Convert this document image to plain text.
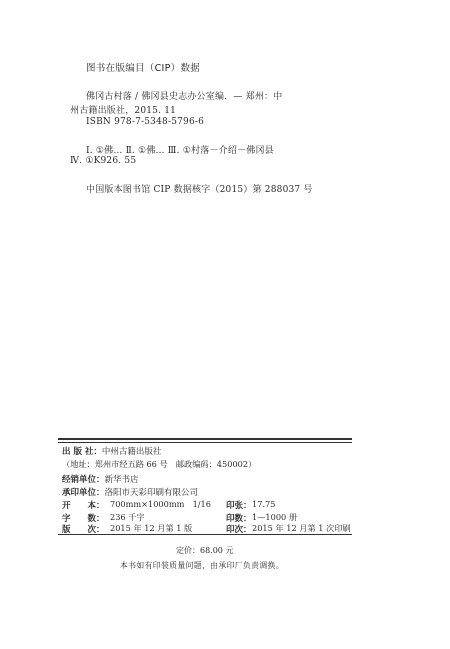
图书在版编目（CIP）数据
佛冈古村落 / 佛冈县史志办公室编．— 郑州：中
州古籍出版社，2015. 11
ISBN 978-7-5348-5796-6
Ⅰ. ①佛… Ⅱ. ①佛… Ⅲ. ①村落－介绍－佛冈县
Ⅳ. ①K926. 55
中国版本图书馆 CIP 数据核字（2015）第 288037 号
出 版 社：中州古籍出版社
（地址：郑州市经五路 66 号　邮政编码：450002）
经销单位：新华书店
承印单位：洛阳市天彩印刷有限公司
开　　本： 700mm×1000mm　1/16 印张： 17.75
字　　数： 236 千字	印数： 1—1000 册
版　　次： 2015 年 12 月第 1 版	印次： 2015 年 12 月第 1 次印刷
定价：68.00 元
本书如有印装质量问题，由承印厂负责调换。
